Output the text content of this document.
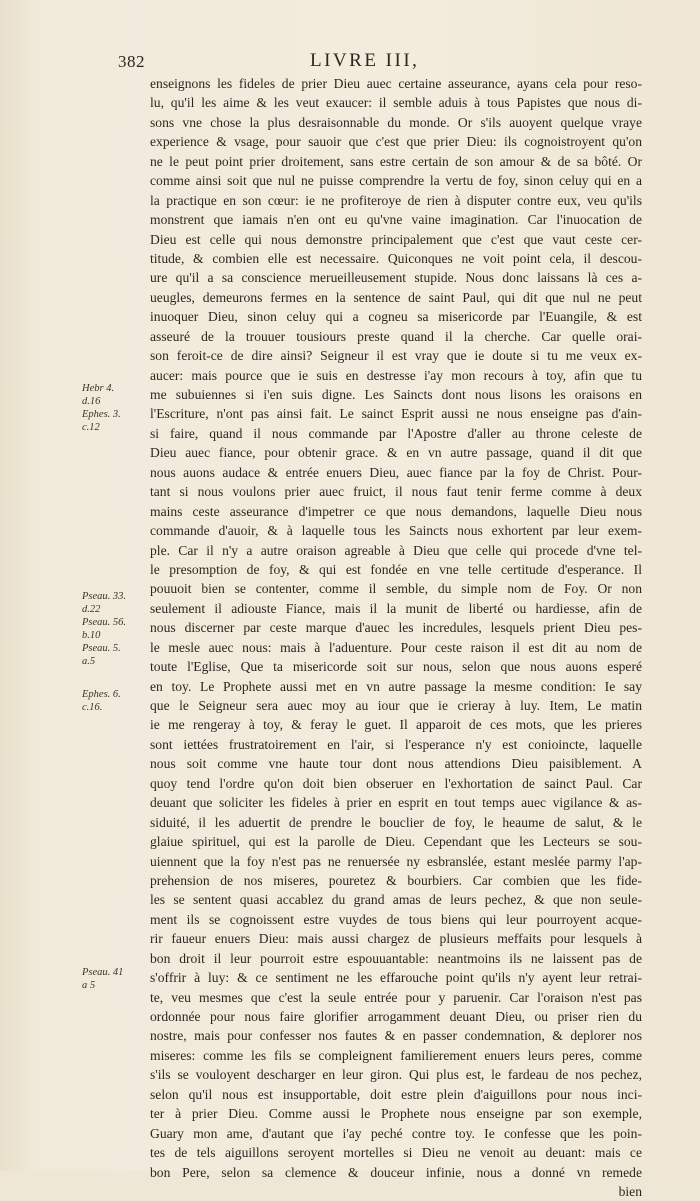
382	LIVRE III,
enseignons les fideles de prier Dieu auec certaine asseurance, ayans cela pour reso-
lu, qu'il les aime & les veut exaucer: il semble aduis à tous Papistes que nous di-
sons vne chose la plus desraisonnable du monde. Or s'ils auoyent quelque vraye
experience & vsage, pour sauoir que c'est que prier Dieu: ils cognoistroyent qu'on
ne le peut point prier droitement, sans estre certain de son amour & de sa bôté. Or
comme ainsi soit que nul ne puisse comprendre la vertu de foy, sinon celuy qui en a
la practique en son cœur: ie ne profiteroye de rien à disputer contre eux, veu qu'ils
monstrent que iamais n'en ont eu qu'vne vaine imagination. Car l'inuocation de
Dieu est celle qui nous demonstre principalement que c'est que vaut ceste cer-
titude, & combien elle est necessaire. Quiconques ne voit point cela, il descou-
ure qu'il a sa conscience merueilleusement stupide. Nous donc laissans là ces a-
ueugles, demeurons fermes en la sentence de saint Paul, qui dit que nul ne peut
inuoquer Dieu, sinon celuy qui a cogneu sa misericorde par l'Euangile, & est
asseuré de la trouuer tousiours preste quand il la cherche. Car quelle orai-
son feroit-ce de dire ainsi? Seigneur il est vray que ie doute si tu me veux ex-
aucer: mais pource que ie suis en destresse i'ay mon recours à toy, afin que tu
me subuiennes si i'en suis digne. Les Saincts dont nous lisons les oraisons en
l'Escriture, n'ont pas ainsi fait. Le sainct Esprit aussi ne nous enseigne pas d'ain-
si faire, quand il nous commande par l'Apostre d'aller au throne celeste de
Dieu auec fiance, pour obtenir grace. & en vn autre passage, quand il dit que
nous auons audace & entrée enuers Dieu, auec fiance par la foy de Christ. Pour-
tant si nous voulons prier auec fruict, il nous faut tenir ferme comme à deux
mains ceste asseurance d'impetrer ce que nous demandons, laquelle Dieu nous
commande d'auoir, & à laquelle tous les Saincts nous exhortent par leur exem-
ple. Car il n'y a autre oraison agreable à Dieu que celle qui procede d'vne tel-
le presomption de foy, & qui est fondée en vne telle certitude d'esperance. Il
pouuoit bien se contenter, comme il semble, du simple nom de Foy. Or non
seulement il adiouste Fiance, mais il la munit de liberté ou hardiesse, afin de
nous discerner par ceste marque d'auec les incredules, lesquels prient Dieu pes-
le mesle auec nous: mais à l'aduenture. Pour ceste raison il est dit au nom de
toute l'Eglise, Que ta misericorde soit sur nous, selon que nous auons esperé
en toy. Le Prophete aussi met en vn autre passage la mesme condition: Ie say
que le Seigneur sera auec moy au iour que ie crieray à luy. Item, Le matin
ie me rengeray à toy, & feray le guet. Il apparoit de ces mots, que les prieres
sont iettées frustratoirement en l'air, si l'esperance n'y est conioincte, laquelle
nous soit comme vne haute tour dont nous attendions Dieu paisiblement. A
quoy tend l'ordre qu'on doit bien obseruer en l'exhortation de sainct Paul. Car
deuant que soliciter les fideles à prier en esprit en tout temps auec vigilance & as-
siduité, il les aduertit de prendre le bouclier de foy, le heaume de salut, & le
glaiue spirituel, qui est la parolle de Dieu. Cependant que les Lecteurs se sou-
uiennent que la foy n'est pas ne renuersée ny esbranslée, estant meslée parmy l'ap-
prehension de nos miseres, pouretez & bourbiers. Car combien que les fide-
les se sentent quasi accablez du grand amas de leurs pechez, & que non seule-
ment ils se cognoissent estre vuydes de tous biens qui leur pourroyent acque-
rir faueur enuers Dieu: mais aussi chargez de plusieurs meffaits pour lesquels à
bon droit il leur pourroit estre espouuantable: neantmoins ils ne laissent pas de
s'offrir à luy: & ce sentiment ne les effarouche point qu'ils n'y ayent leur retrai-
te, veu mesmes que c'est la seule entrée pour y paruenir. Car l'oraison n'est pas
ordonnée pour nous faire glorifier arrogamment deuant Dieu, ou priser rien du
nostre, mais pour confesser nos fautes & en passer condemnation, & deplorer nos
miseres: comme les fils se compleignent familierement enuers leurs peres, comme
s'ils se vouloyent descharger en leur giron. Qui plus est, le fardeau de nos pechez,
selon qu'il nous est insupportable, doit estre plein d'aiguillons pour nous inci-
ter à prier Dieu. Comme aussi le Prophete nous enseigne par son exemple,
Guary mon ame, d'autant que i'ay peché contre toy. Ie confesse que les poin-
tes de tels aiguillons seroyent mortelles si Dieu ne venoit au deuant: mais ce
bon Pere, selon sa clemence & douceur infinie, nous a donné vn remede
bien
Hebr 4.
d.16
Ephes. 3.
c.12
Pseau. 33.
d.22
Pseau. 56.
b.10
Pseau. 5.
a.5
Ephes. 6.
c.16.
Pseau. 41
a 5
